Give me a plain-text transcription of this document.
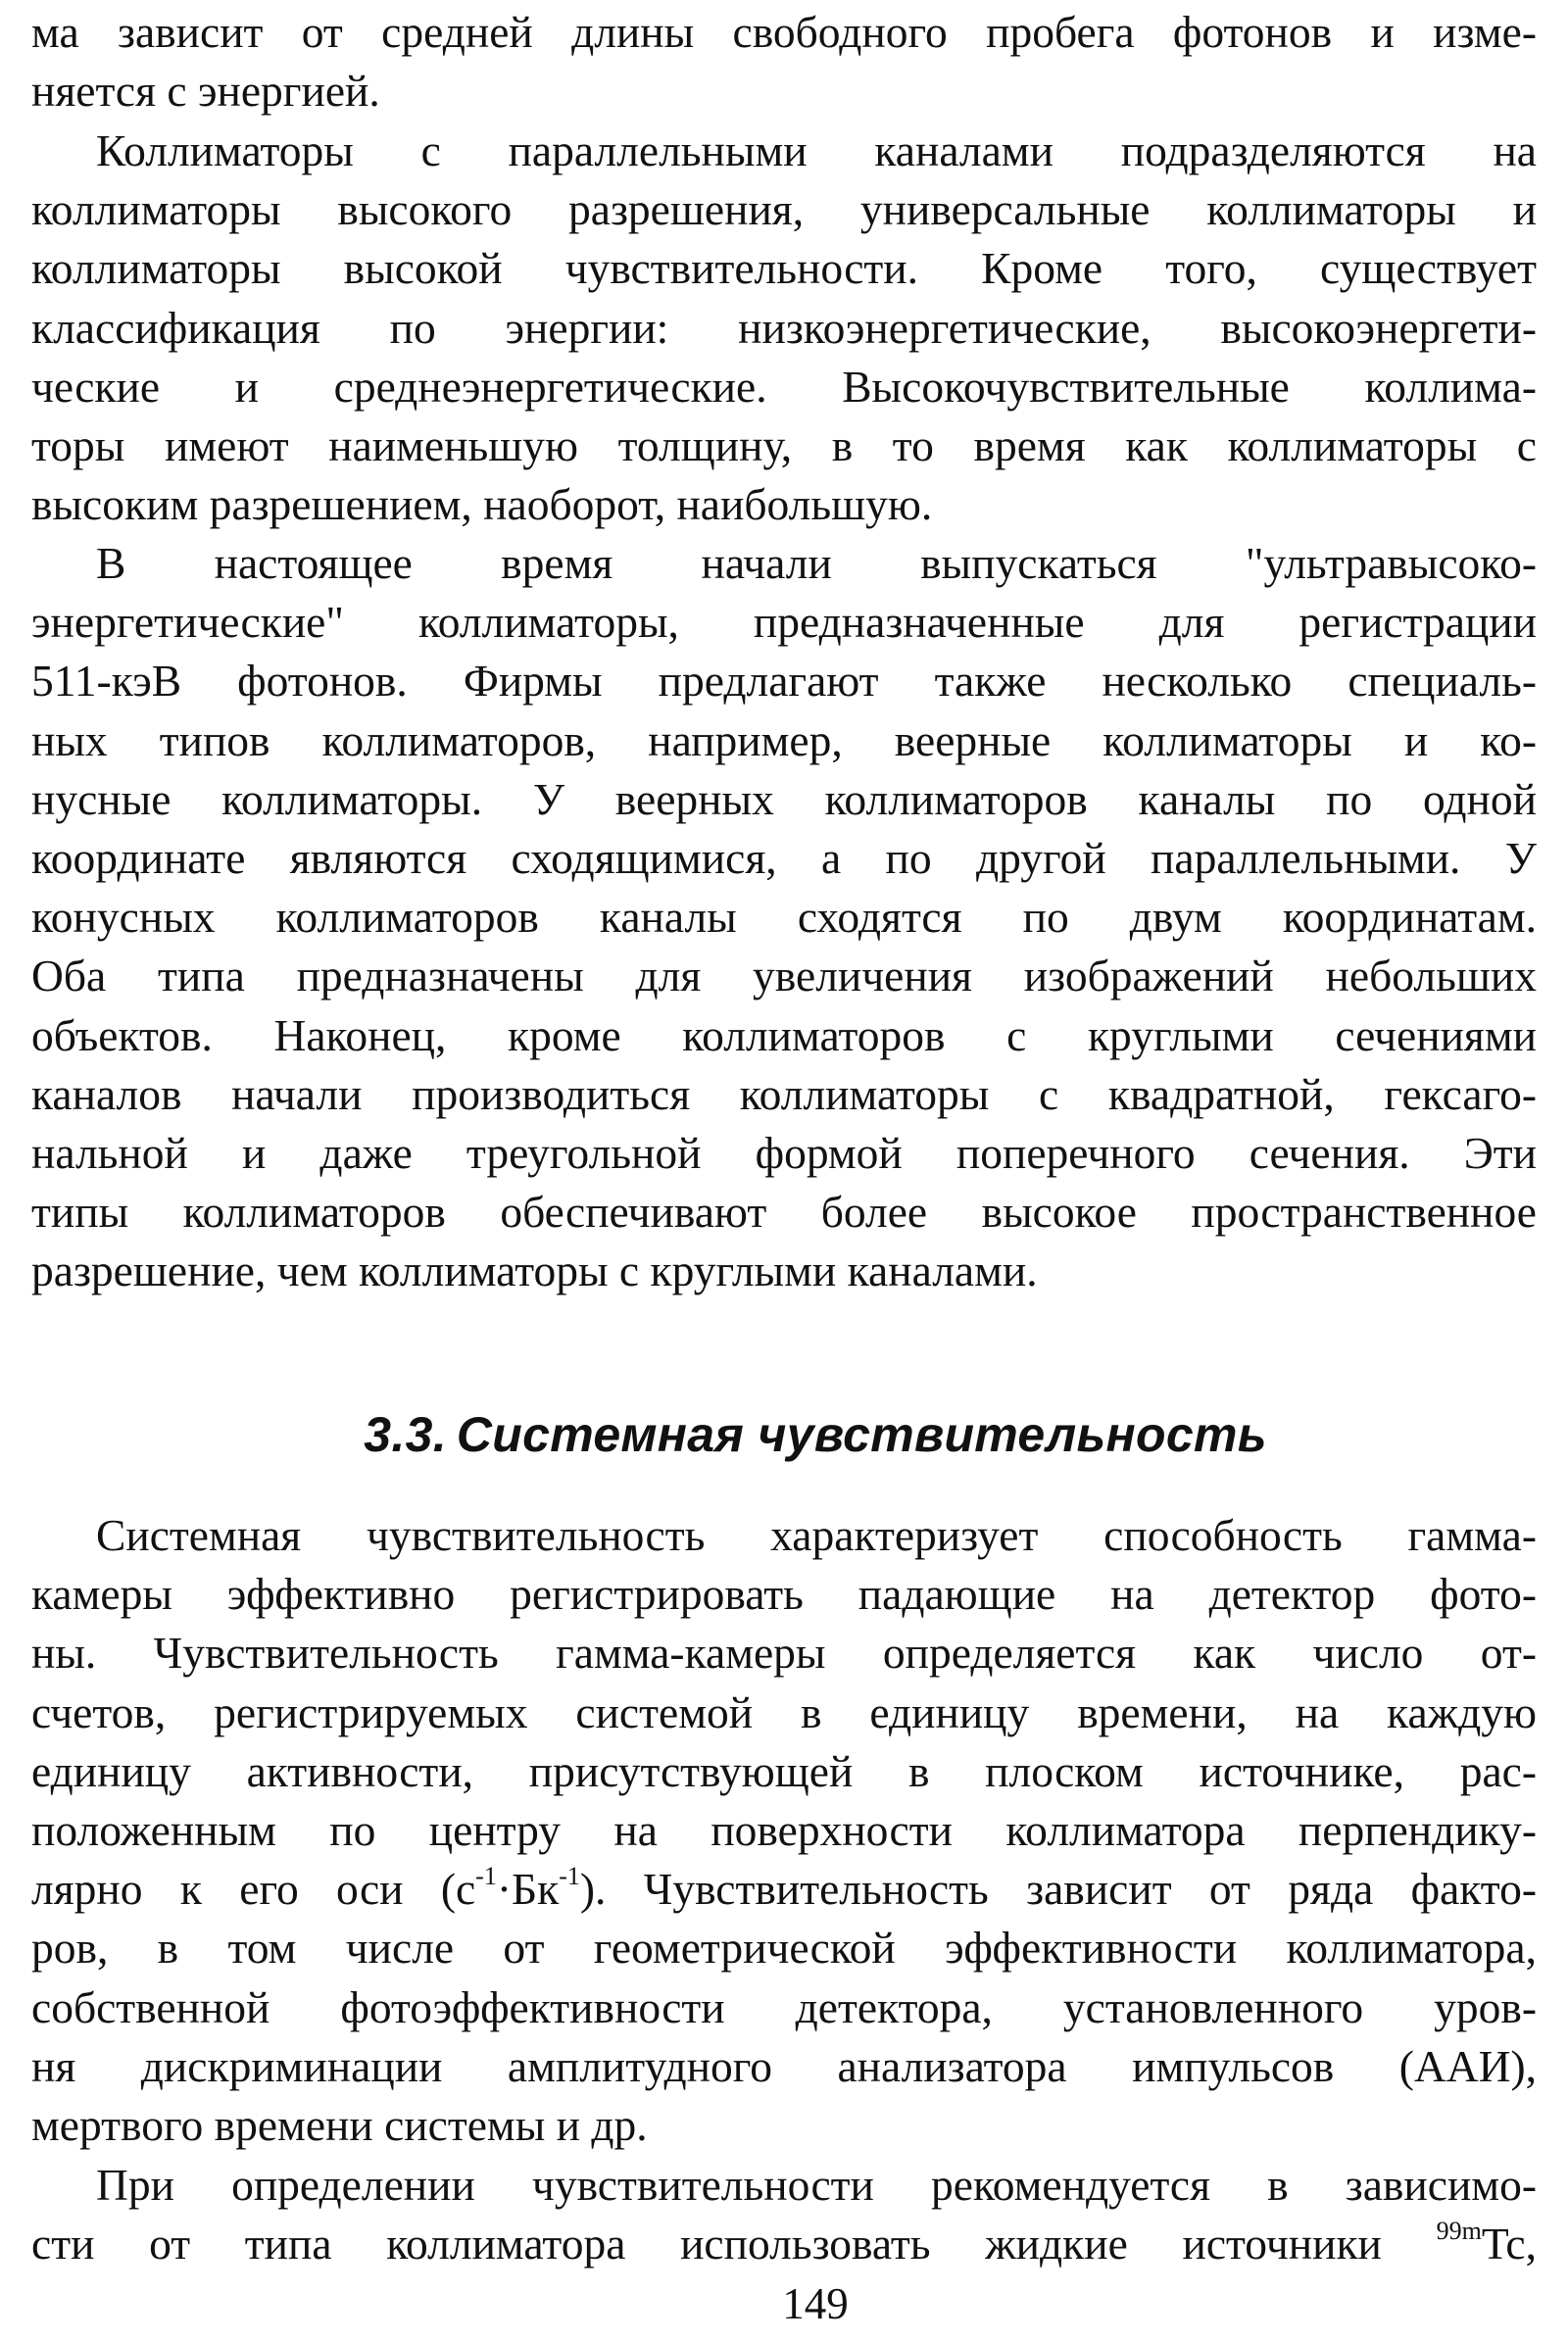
ма зависит от средней длины свободного пробега фотонов и изме-
няется с энергией.
Коллиматоры с параллельными каналами подразделяются на
коллиматоры высокого разрешения, универсальные коллиматоры и
коллиматоры высокой чувствительности. Кроме того, существует
классификация по энергии: низкоэнергетические, высокоэнергети-
ческие и среднеэнергетические. Высокочувствительные коллима-
торы имеют наименьшую толщину, в то время как коллиматоры с
высоким разрешением, наоборот, наибольшую.
В настоящее время начали выпускаться "ультравысоко-
энергетические" коллиматоры, предназначенные для регистрации
511-кэВ фотонов. Фирмы предлагают также несколько специаль-
ных типов коллиматоров, например, веерные коллиматоры и ко-
нусные коллиматоры. У веерных коллиматоров каналы по одной
координате являются сходящимися, а по другой параллельными. У
конусных коллиматоров каналы сходятся по двум координатам.
Оба типа предназначены для увеличения изображений небольших
объектов. Наконец, кроме коллиматоров с круглыми сечениями
каналов начали производиться коллиматоры с квадратной, гексаго-
нальной и даже треугольной формой поперечного сечения. Эти
типы коллиматоров обеспечивают более высокое пространственное
разрешение, чем коллиматоры с круглыми каналами.
3.3. Системная чувствительность
Системная чувствительность характеризует способность гамма-
камеры эффективно регистрировать падающие на детектор фото-
ны. Чувствительность гамма-камеры определяется как число от-
счетов, регистрируемых системой в единицу времени, на каждую
единицу активности, присутствующей в плоском источнике, рас-
положенным по центру на поверхности коллиматора перпендику-
лярно к его оси $(с^{-1}\cdot Бк^{-1})$. Чувствительность зависит от ряда факто-
ров, в том числе от геометрической эффективности коллиматора,
собственной фотоэффективности детектора, установленного уров-
ня дискриминации амплитудного анализатора импульсов (ААИ),
мертвого времени системы и др.
При определении чувствительности рекомендуется в зависимо-
сти от типа коллиматора использовать жидкие источники $^{99m}$Tc,
149
